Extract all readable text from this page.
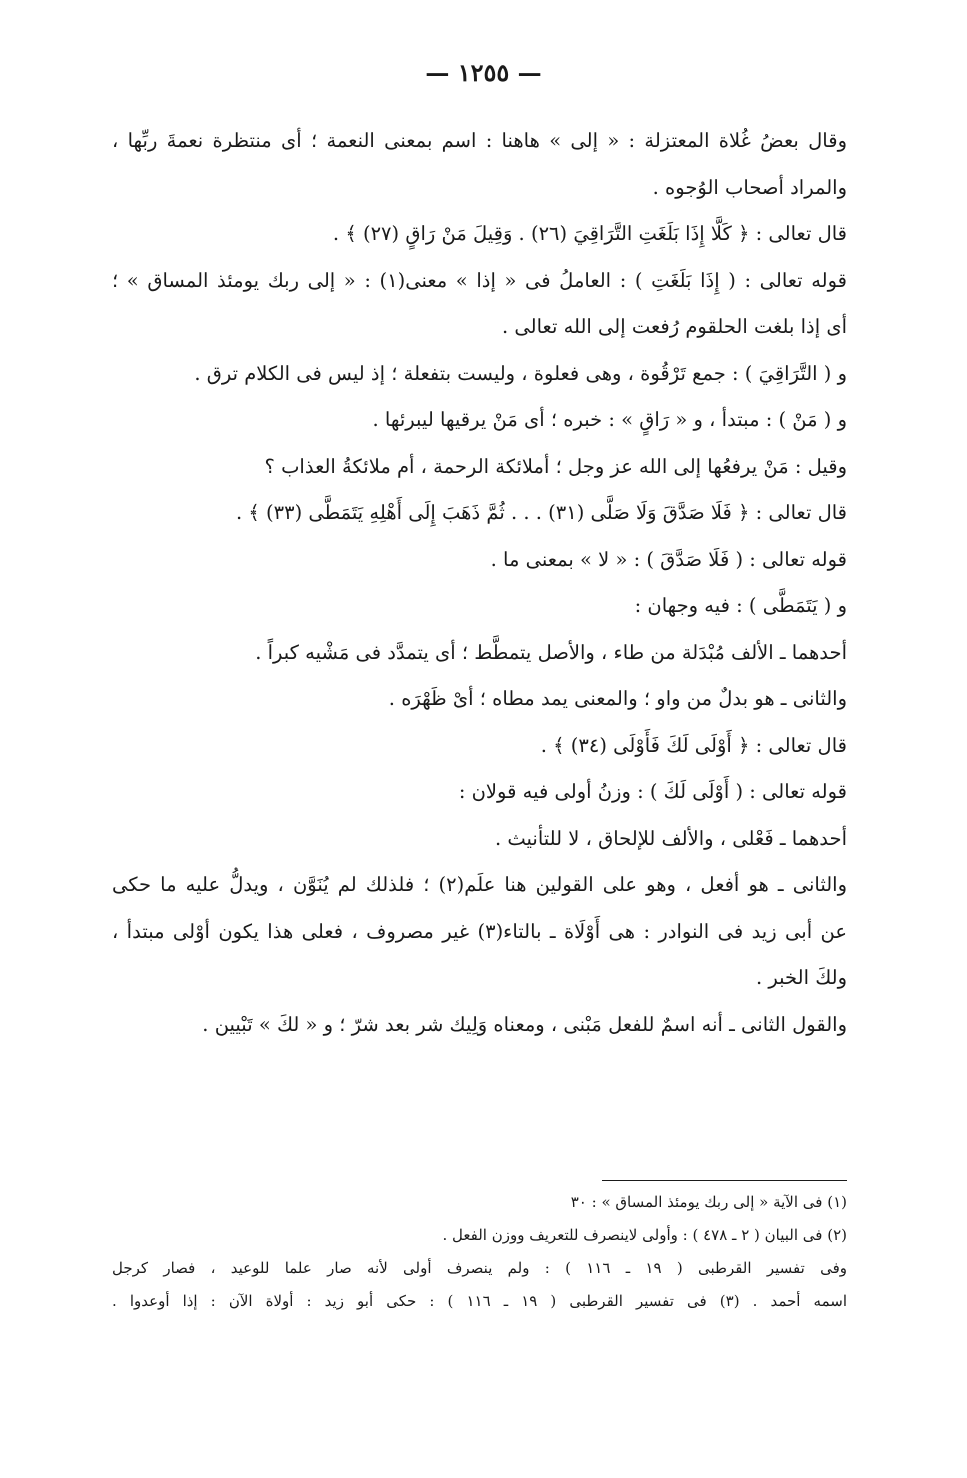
— ١٢٥٥ —
وقال بعضُ غُلاة المعتزلة : « إلى » هاهنا : اسم بمعنى النعمة ؛ أى منتظرة نعمةَ ربِّها ،
والمراد أصحاب الوُجوه .
قال تعالى : ﴿ كَلَّا إِذَا بَلَغَتِ التَّرَاقِيَ (٢٦) . وَقِيلَ مَنْ رَاقٍ (٢٧) ﴾ .
قوله تعالى : ( إِذَا بَلَغَتِ ) : العاملُ فى « إذا » معنى(١) : « إلى ربك يومئذ المساق » ؛
أى إذا بلغت الحلقوم رُفعت إلى الله تعالى .
و ( التَّرَاقِيَ ) : جمع تَرْقُوة ، وهى فعلوة ، وليست بتفعلة ؛ إذ ليس فى الكلام ترق .
و ( مَنْ ) : مبتدأ ، و « رَاقٍ » : خبره ؛ أى مَنْ يرقيها ليبرئها .
وقيل : مَنْ يرفعُها إلى الله عز وجل ؛ أملائكة الرحمة ، أم ملائكةُ العذاب ؟
قال تعالى : ﴿ فَلَا صَدَّقَ وَلَا صَلَّى (٣١) . . . ثُمَّ ذَهَبَ إِلَى أَهْلِهِ يَتَمَطَّى (٣٣) ﴾ .
قوله تعالى : ( فَلَا صَدَّقَ ) : « لا » بمعنى ما .
و ( يَتَمَطَّى ) : فيه وجهان :
أحدهما ـ الألف مُبْدَلة من طاء ، والأصل يتمطَّط ؛ أى يتمدَّد فى مَشْيه كبراً .
والثانى ـ هو بدلٌ من واو ؛ والمعنى يمد مطاه ؛ أىْ ظَهْرَه .
قال تعالى : ﴿ أَوْلَى لَكَ فَأَوْلَى (٣٤) ﴾ .
قوله تعالى : ( أَوْلَى لَكَ ) : وزنُ أولى فيه قولان :
أحدهما ـ فَعْلى ، والألف للإلحاق ، لا للتأنيث .
والثانى ـ هو أفعل ، وهو على القولين هنا علَم(٢) ؛ فلذلك لم يُنَوَّن ، ويدلُّ عليه ما حكى
عن أبى زيد فى النوادر : هى أَوْلَاة ـ بالتاء(٣) غير مصروف ، فعلى هذا يكون أوْلى مبتدأ ،
ولكَ الخبر .
والقول الثانى ـ أنه اسمٌ للفعل مَبْنى ، ومعناه وَلِيك شر بعد شرّ ؛ و « لكَ » تَبْيين .
(١) فى الآية « إلى ربك يومئذ المساق » : ٣٠
(٢) فى البيان ( ٢ ـ ٤٧٨ ) : وأولى لاينصرف للتعريف ووزن الفعل .
وفى تفسير القرطبى ( ١٩ ـ ١١٦ ) : ولم ينصرف أولى لأنه صار علما للوعيد ، فصار كرجل
اسمه أحمد . (٣) فى تفسير القرطبى ( ١٩ ـ ١١٦ ) : حكى أبو زيد : أولاة الآن : إذا أوعدوا .
